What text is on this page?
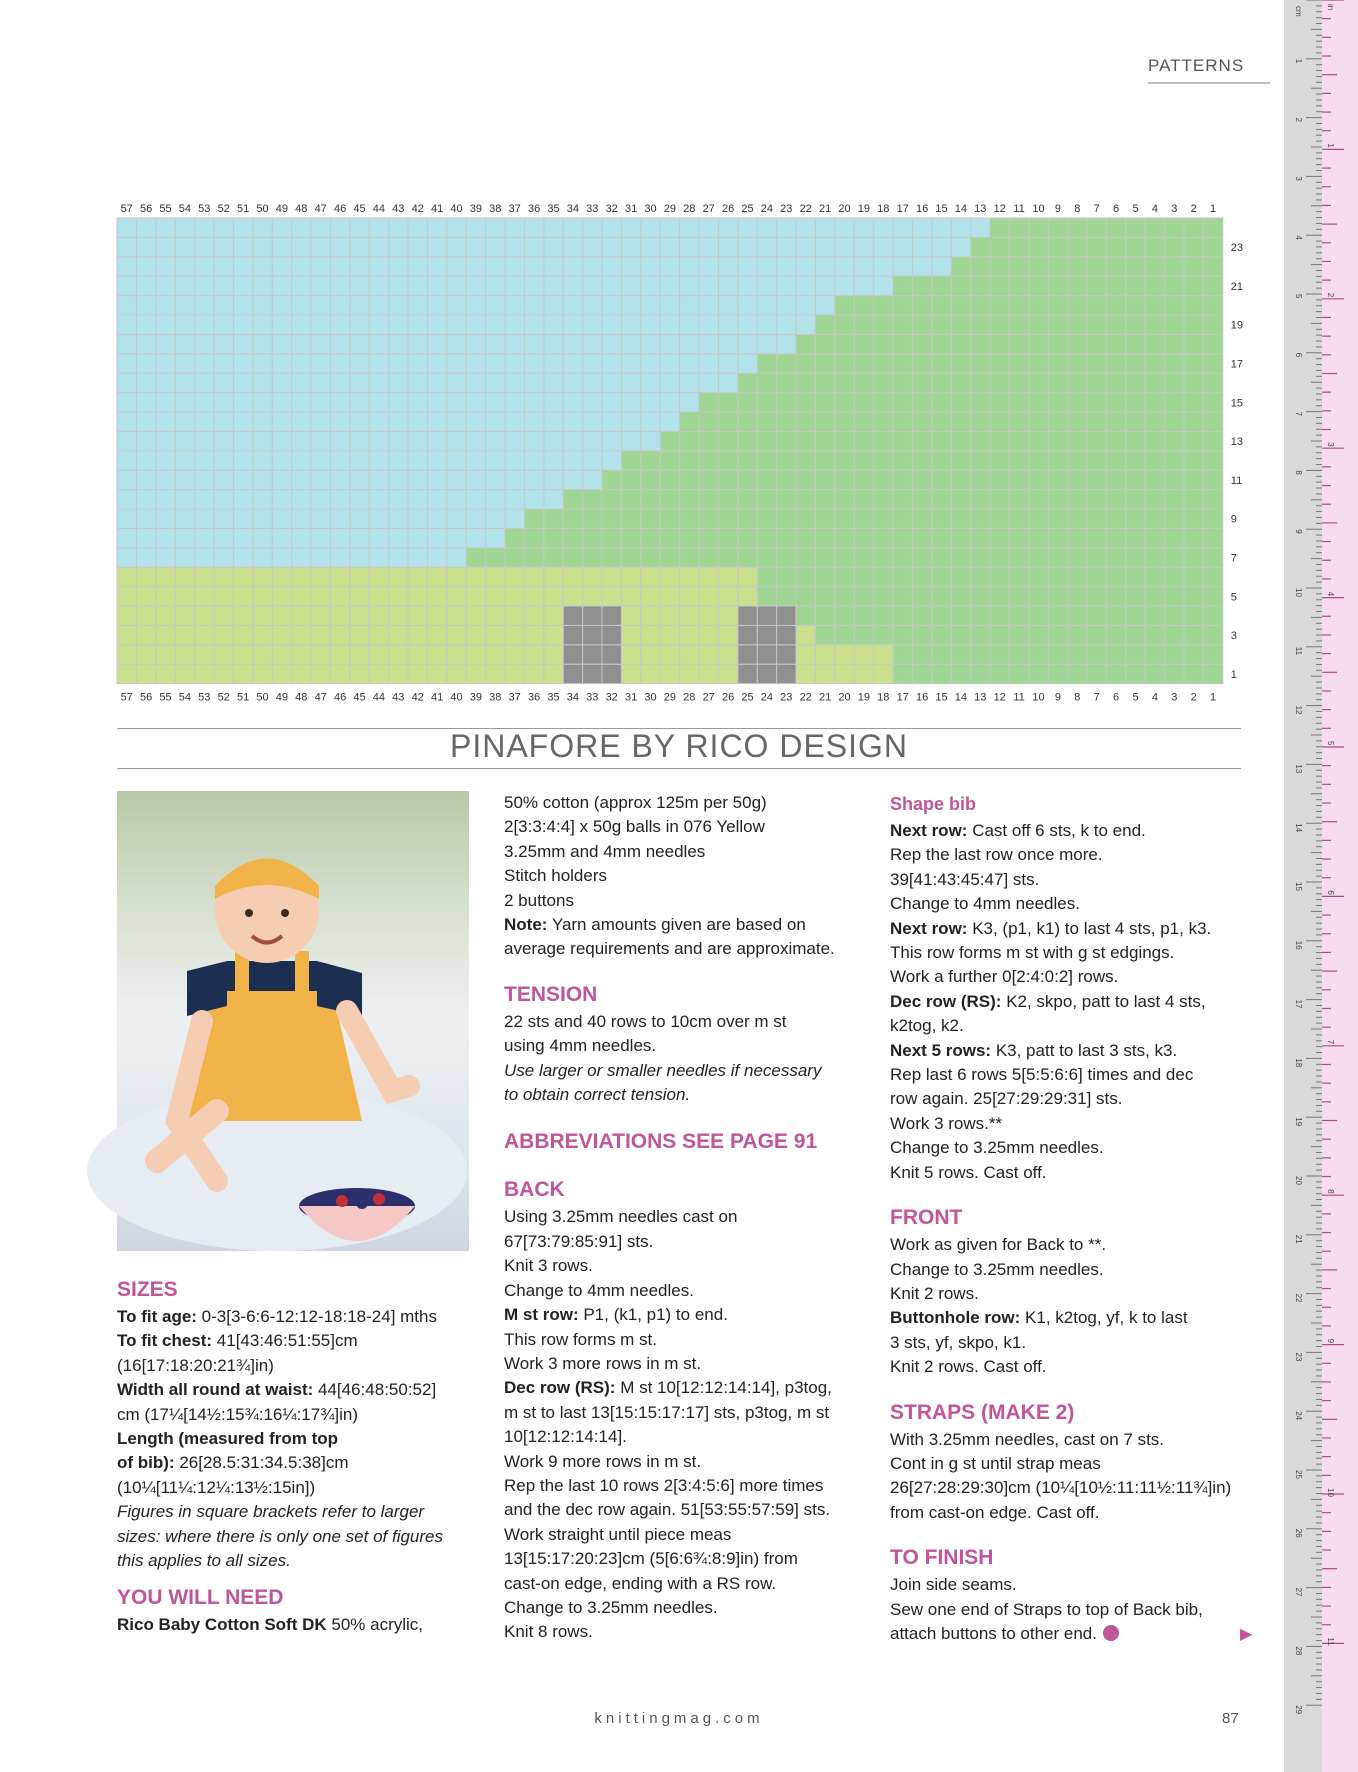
PATTERNS
57
57
56
56
55
55
54
54
53
53
52
52
51
51
50
50
49
49
48
48
47
47
46
46
45
45
44
44
43
43
42
42
41
41
40
40
39
39
38
38
37
37
36
36
35
35
34
34
33
33
32
32
31
31
30
30
29
29
28
28
27
27
26
26
25
25
24
24
23
23
22
22
21
21
20
20
19
19
18
18
17
17
16
16
15
15
14
14
13
13
12
12
11
11
10
10
9
9
8
8
7
7
6
6
5
5
4
4
3
3
2
2
1
1
23
21
19
17
15
13
11
9
7
5
3
1
PINAFORE BY RICO DESIGN

SIZES

To fit age: 0-3[3-6:6-12:12-18:18-24] mths

To fit chest: 41[43:46:51:55]cm

(16[17:18:20:21¾]in)

Width all round at waist: 44[46:48:50:52]

cm (17¼[14½:15¾:16¼:17¾]in)

Length (measured from top

of bib): 26[28.5:31:34.5:38]cm

(10¼[11¼:12¼:13½:15in])

Figures in square brackets refer to larger

sizes: where there is only one set of figures

this applies to all sizes.

YOU WILL NEED

Rico Baby Cotton Soft DK 50% acrylic,

50% cotton (approx 125m per 50g)

2[3:3:4:4] x 50g balls in 076 Yellow

3.25mm and 4mm needles

Stitch holders

2 buttons

Note: Yarn amounts given are based on

average requirements and are approximate.

TENSION

22 sts and 40 rows to 10cm over m st

using 4mm needles.

Use larger or smaller needles if necessary

to obtain correct tension.

ABBREVIATIONS SEE PAGE 91

BACK

Using 3.25mm needles cast on

67[73:79:85:91] sts.

Knit 3 rows.

Change to 4mm needles.

M st row: P1, (k1, p1) to end.

This row forms m st.

Work 3 more rows in m st.

Dec row (RS): M st 10[12:12:14:14], p3tog,

m st to last 13[15:15:17:17] sts, p3tog, m st

10[12:12:14:14].

Work 9 more rows in m st.

Rep the last 10 rows 2[3:4:5:6] more times

and the dec row again. 51[53:55:57:59] sts.

Work straight until piece meas

13[15:17:20:23]cm (5[6:6¾:8:9]in) from

cast-on edge, ending with a RS row.

Change to 3.25mm needles.

Knit 8 rows.

Shape bib

Next row: Cast off 6 sts, k to end.

Rep the last row once more.

39[41:43:45:47] sts.

Change to 4mm needles.

Next row: K3, (p1, k1) to last 4 sts, p1, k3.

This row forms m st with g st edgings.

Work a further 0[2:4:0:2] rows.

Dec row (RS): K2, skpo, patt to last 4 sts,

k2tog, k2.

Next 5 rows: K3, patt to last 3 sts, k3.

Rep last 6 rows 5[5:5:6:6] times and dec

row again. 25[27:29:29:31] sts.

Work 3 rows.**

Change to 3.25mm needles.

Knit 5 rows. Cast off.

FRONT

Work as given for Back to **.

Change to 3.25mm needles.

Knit 2 rows.

Buttonhole row: K1, k2tog, yf, k to last

3 sts, yf, skpo, k1.

Knit 2 rows. Cast off.

STRAPS (MAKE 2)

With 3.25mm needles, cast on 7 sts.

Cont in g st until strap meas

26[27:28:29:30]cm (10¼[10½:11:11½:11¾]in)

from cast-on edge. Cast off.

TO FINISH

Join side seams.

Sew one end of Straps to top of Back bib,

attach buttons to other end.	▶
knittingmag.com	87
1
2
3
4
5
6
7
8
9
10
11
12
13
14
15
16
17
18
19
20
21
22
23
24
25
26
27
28
29
cm
1
2
3
4
5
6
7
8
9
10
11
in
